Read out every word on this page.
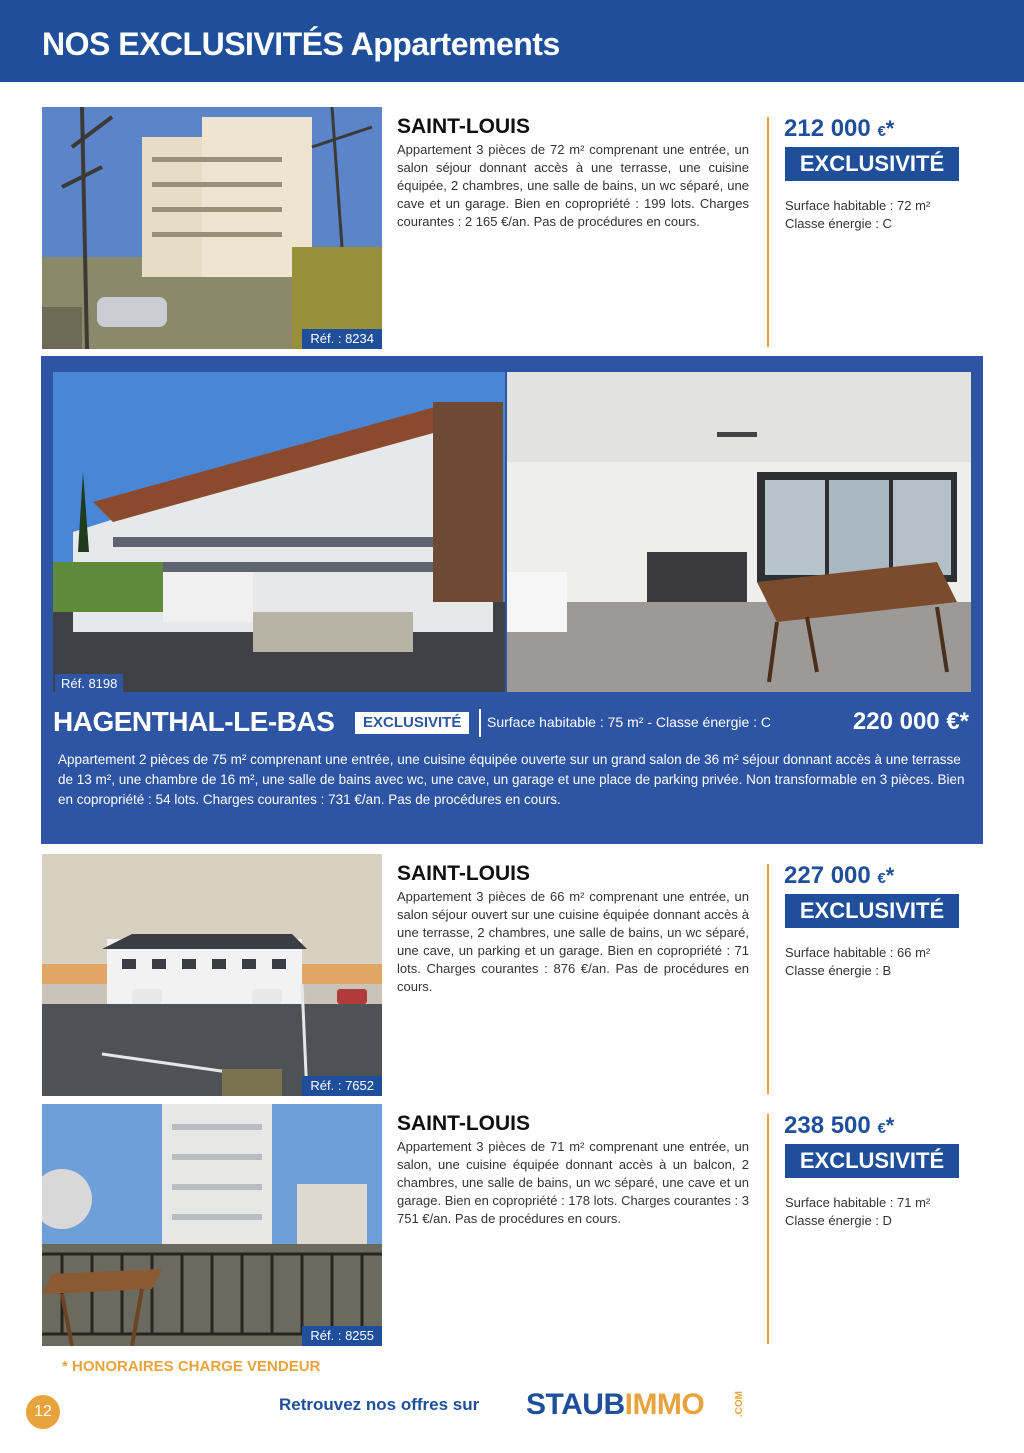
NOS EXCLUSIVITÉS Appartements
Réf. : 8234
SAINT-LOUIS
Appartement 3 pièces de 72 m² comprenant une entrée, un salon séjour donnant accès à une terrasse, une cuisine équipée, 2 chambres, une salle de bains, un wc séparé, une cave et un garage. Bien en copropriété : 199 lots. Charges courantes : 2 165 €/an. Pas de procédures en cours.
212 000 €*
EXCLUSIVITÉ
Surface habitable : 72 m²
Classe énergie : C
Réf. 8198
HAGENTHAL-LE-BAS	EXCLUSIVITÉ	Surface habitable : 75 m² - Classe énergie : C	220 000 €*
Appartement 2 pièces de 75 m² comprenant une entrée, une cuisine équipée ouverte sur un grand salon de 36 m² séjour donnant accès à une terrasse de 13 m², une chambre de 16 m², une salle de bains avec wc, une cave, un garage et une place de parking privée. Non transformable en 3 pièces. Bien en copropriété : 54 lots. Charges courantes : 731 €/an. Pas de procédures en cours.
Réf. : 7652
SAINT-LOUIS
Appartement 3 pièces de 66 m² comprenant une entrée, un salon séjour ouvert sur une cuisine équipée donnant accès à une terrasse, 2 chambres, une salle de bains, un wc séparé, une cave, un parking et un garage. Bien en copropriété : 71 lots. Charges courantes : 876 €/an. Pas de procédures en cours.
227 000 €*
EXCLUSIVITÉ
Surface habitable : 66 m²
Classe énergie : B
Réf. : 8255
SAINT-LOUIS
Appartement 3 pièces de 71 m² comprenant une entrée, un salon, une cuisine équipée donnant accès à un balcon, 2 chambres, une salle de bains, un wc séparé, une cave et un garage. Bien en copropriété : 178 lots. Charges courantes : 3 751 €/an. Pas de procédures en cours.
238 500 €*
EXCLUSIVITÉ
Surface habitable : 71 m²
Classe énergie : D
* HONORAIRES CHARGE VENDEUR
12	Retrouvez nos offres sur STAUBIMMO	.COM
